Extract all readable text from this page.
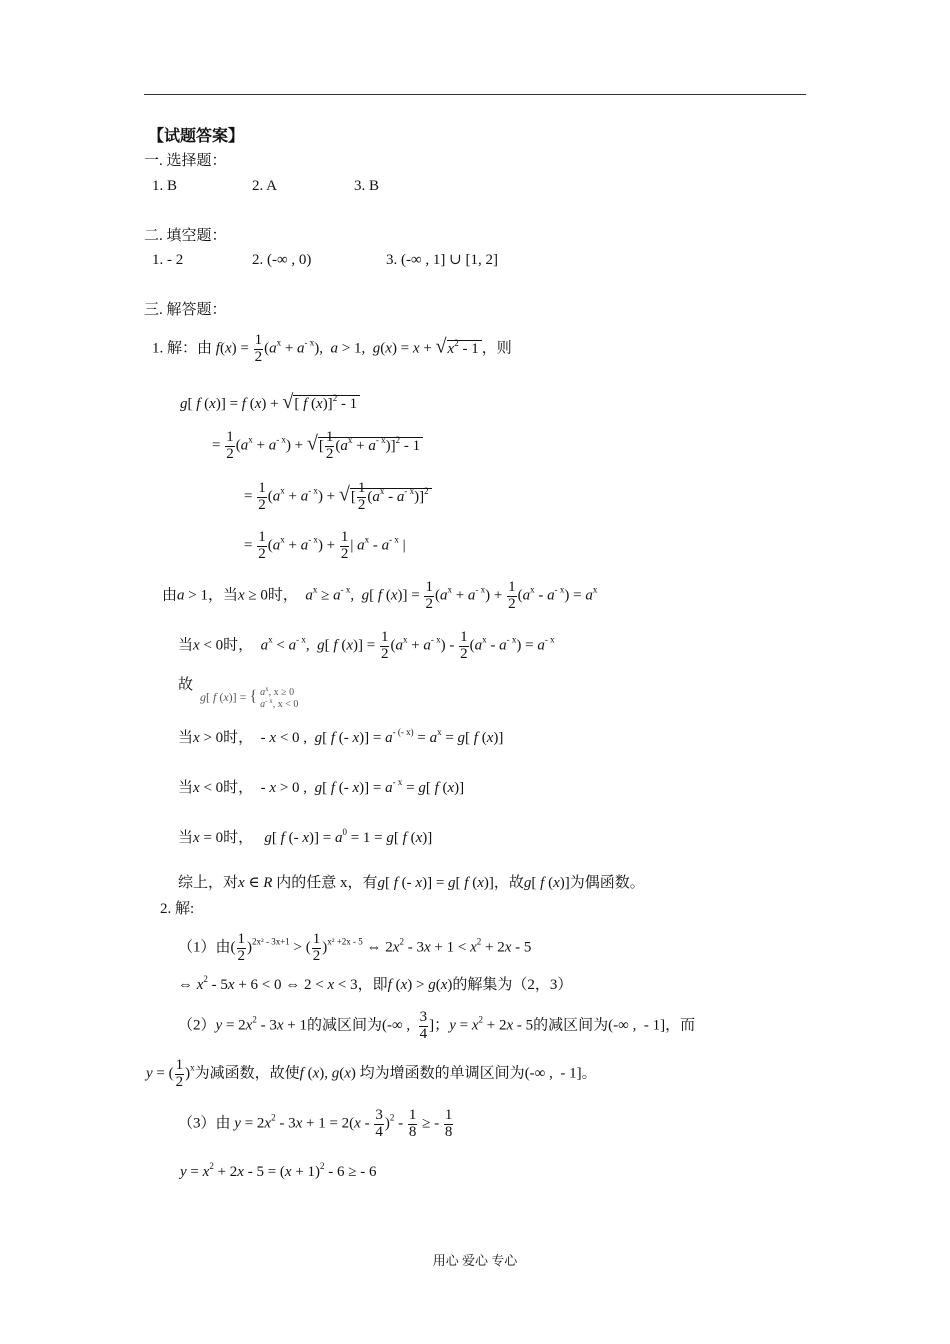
【试题答案】
一. 选择题：
1. B	2. A	3. B
二. 填空题：
1. - 2	2. (-∞ , 0)	3. (-∞ , 1] ∪ [1, 2]
三. 解答题：
1. 解：由 $f(x) = \frac{1}{2} (a^x + a^{- x})$,  a > 1,  $g(x) = x + √x^2 - 1$ ，则
g[ f (x)] = f (x) + √[ f (x)]$^2$ - 1
= $\frac{1}{2} (a^x + a^{- x})$ + √[ $\frac{1}{2} (a^x + a^{- x})]^2 - 1$
= $\frac{1}{2} (a^x + a^{- x})$ + √[ $\frac{1}{2} (a^x - a^{- x})]^2$
= $\frac{1}{2} (a^x + a^{- x}) + \frac{1}{2}$ | $a^x - a^{- x}$ |
由a > 1，当x ≥ 0时， $a^x \ge a^{- x}$,  g[ f $(x)] = \frac{1}{2} (a^x + a^{- x}) + \frac{1}{2} (a^x - a^{- x}) = a^x$
当x < 0时， $a^x < a^{- x}$,  g[ f $(x)] = \frac{1}{2} (a^x + a^{- x}) - \frac{1}{2} (a^x - a^{- x}) = a^{- x}$
故
g[ f (x)] = { $a^x$, x ≥ 0
$a^{- x}$, x < 0
当x > 0时，  - x < 0 ,  g[ f (- $x)] = a^{- (- x)} = a^x = g$[ f (x)]
当x < 0时，  - x > 0 ,  g[ f (- $x)] = a^{- x} = g$[ f (x)]
当x = 0时， g[ f (- $x)] = a^0 = 1 = g$[ f (x)]
综上，对x ∈ R 内的任意 x，有g[ f (- x)] = g[ f (x)]，故g[ f (x)]为偶函数。
2. 解:
（1）由( $\frac{1}{2} )^{2x^2 - 3x+1}$ > ( $\frac{1}{2} )^{x^2 +2x - 5}$ ⇔ $2x^2 - 3x + 1 < x^2 + 2x - 5$
⇔ $x^2 - 5x + 6 < 0$ ⇔ 2 < x < 3，即f (x) > g(x)的解集为（2，3）
$(2)y = 2x^2 - 3x + 1$的减区间为(-∞ , $\frac{3}{4}$ ]；$y = x^2 + 2x - 5$的减区间为(-∞ ,  - 1]，而
y = ( $\frac{1}{2} )^x$为减函数，故使f (x), g(x) 均为增函数的单调区间为(-∞ ,  - 1]。
（3）由 $y = 2x^2 - 3x + 1 = 2(x - \frac{3}{4} )^2 - \frac{1}{8}$ ≥ - $\frac{1}{8}$
$y = x^2 + 2x - 5 = (x + 1)^2 - 6$ ≥ - 6
用心 爱心 专心
